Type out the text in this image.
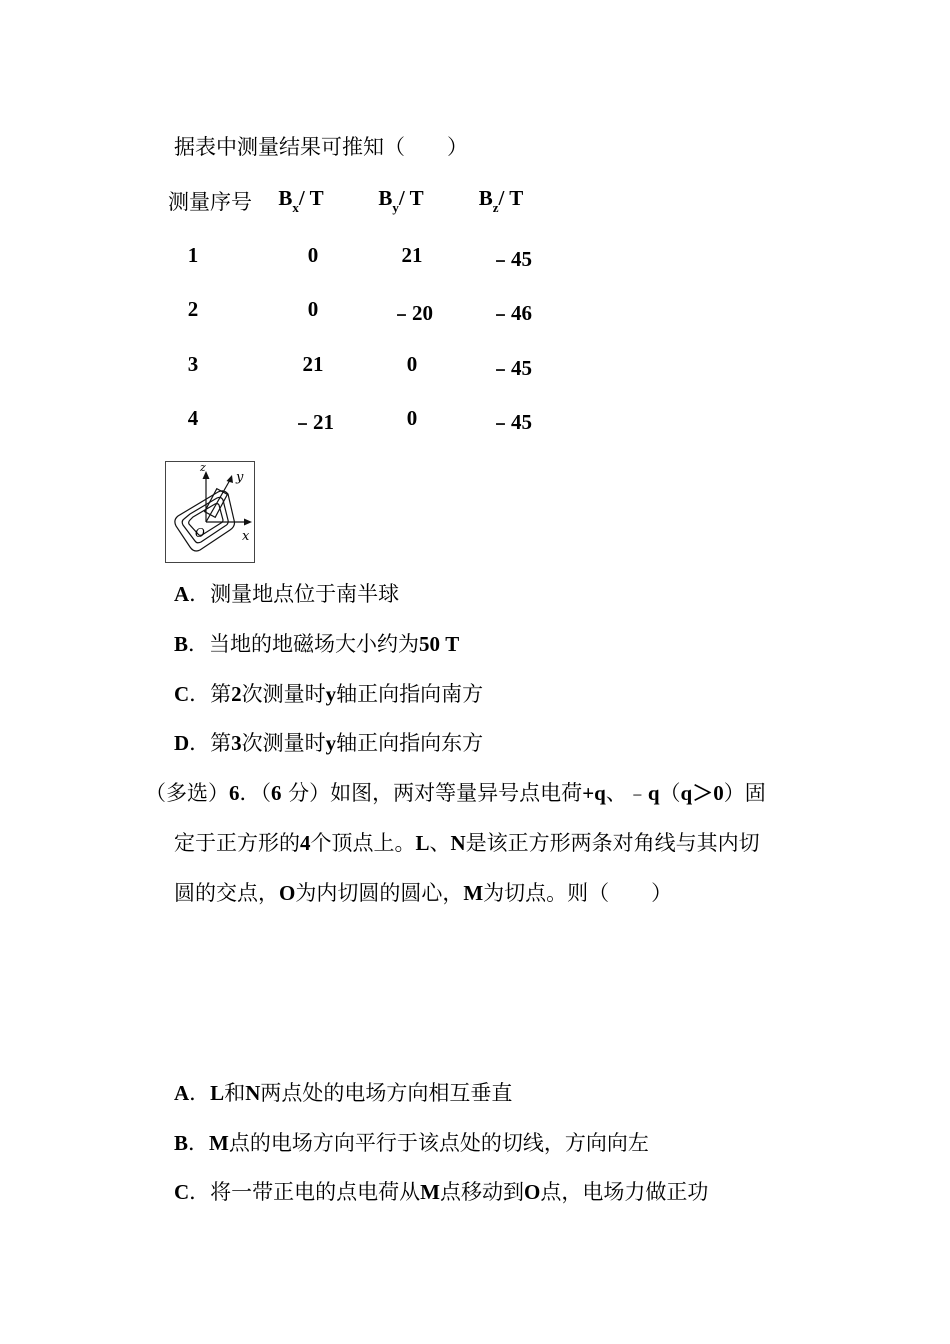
据表中测量结果可推知（　　）
测量序号	$B_x/$ T	$B_y/$ T	$B_z/$ T
1	0	21	﹣45
2	0	﹣20	﹣46
3	21	0	﹣45
4	﹣21	0	﹣45
z
y
x
O
A．测量地点位于南半球
B．当地的地磁场大小约为50 T
C．第2次测量时y轴正向指向南方
D．第3次测量时y轴正向指向东方
（多选）6．（6 分）如图，两对等量异号点电荷+q、﹣q（q＞0）固
定于正方形的4个顶点上。L、N是该正方形两条对角线与其内切
圆的交点，O为内切圆的圆心，M为切点。则（　　）
A．L和N两点处的电场方向相互垂直
B．M点的电场方向平行于该点处的切线，方向向左
C．将一带正电的点电荷从M点移动到O点，电场力做正功
